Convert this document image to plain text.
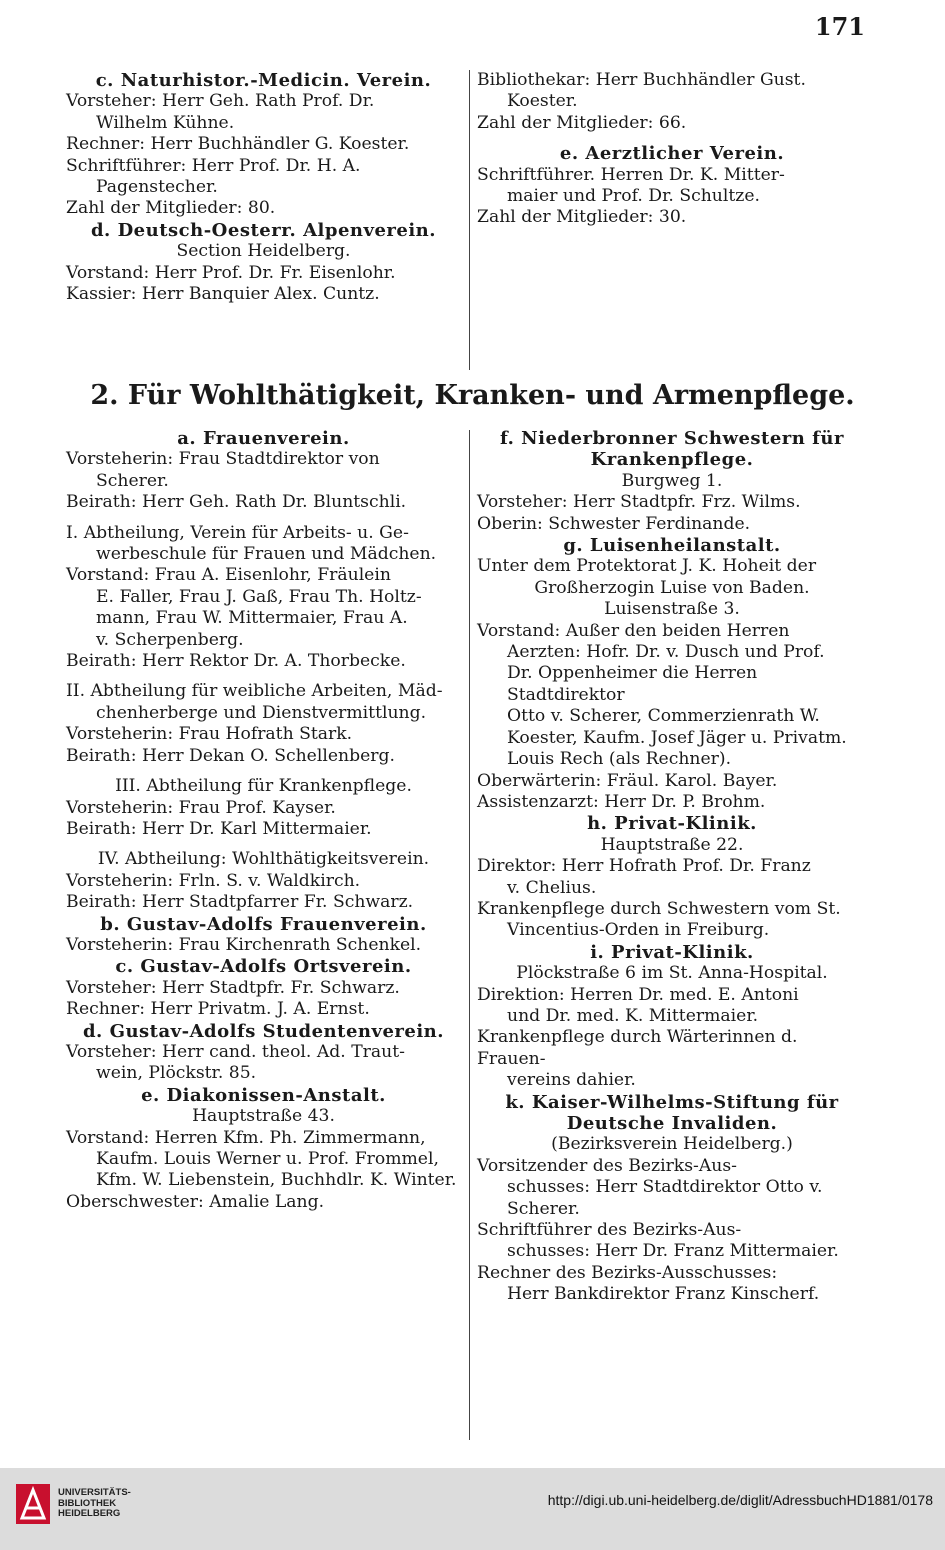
171

c. Naturhistor.-Medicin. Verein.

Vorsteher: Herr Geh. Rath Prof. Dr.

Wilhelm Kühne.

Rechner: Herr Buchhändler G. Koester.

Schriftführer: Herr Prof. Dr. H. A.

Pagenstecher.

Zahl der Mitglieder: 80.

d. Deutsch-Oesterr. Alpenverein.

Section Heidelberg.

Vorstand: Herr Prof. Dr. Fr. Eisenlohr.

Kassier: Herr Banquier Alex. Cuntz.

Bibliothekar: Herr Buchhändler Gust.

Koester.

Zahl der Mitglieder: 66.

e. Aerztlicher Verein.

Schriftführer. Herren Dr. K. Mitter-

maier und Prof. Dr. Schultze.

Zahl der Mitglieder: 30.

2. Für Wohlthätigkeit, Kranken- und Armenpflege.

a. Frauenverein.

Vorsteherin: Frau Stadtdirektor von

Scherer.

Beirath: Herr Geh. Rath Dr. Bluntschli.

I. Abtheilung, Verein für Arbeits- u. Ge-

werbeschule für Frauen und Mädchen.

Vorstand: Frau A. Eisenlohr, Fräulein

E. Faller, Frau J. Gaß, Frau Th. Holtz-

mann, Frau W. Mittermaier, Frau A.

v. Scherpenberg.

Beirath: Herr Rektor Dr. A. Thorbecke.

II. Abtheilung für weibliche Arbeiten, Mäd-

chenherberge und Dienstvermittlung.

Vorsteherin: Frau Hofrath Stark.

Beirath: Herr Dekan O. Schellenberg.

III. Abtheilung für Krankenpflege.

Vorsteherin: Frau Prof. Kayser.

Beirath: Herr Dr. Karl Mittermaier.

IV. Abtheilung: Wohlthätigkeitsverein.

Vorsteherin: Frln. S. v. Waldkirch.

Beirath: Herr Stadtpfarrer Fr. Schwarz.

b. Gustav-Adolfs Frauenverein.

Vorsteherin: Frau Kirchenrath Schenkel.

c. Gustav-Adolfs Ortsverein.

Vorsteher: Herr Stadtpfr. Fr. Schwarz.

Rechner: Herr Privatm. J. A. Ernst.

d. Gustav-Adolfs Studentenverein.

Vorsteher: Herr cand. theol. Ad. Traut-

wein, Plöckstr. 85.

e. Diakonissen-Anstalt.

Hauptstraße 43.

Vorstand: Herren Kfm. Ph. Zimmermann,

Kaufm. Louis Werner u. Prof. Frommel,

Kfm. W. Liebenstein, Buchhdlr. K. Winter.

Oberschwester: Amalie Lang.

f. Niederbronner Schwestern für

Krankenpflege.

Burgweg 1.

Vorsteher: Herr Stadtpfr. Frz. Wilms.

Oberin: Schwester Ferdinande.

g. Luisenheilanstalt.

Unter dem Protektorat J. K. Hoheit der

Großherzogin Luise von Baden.

Luisenstraße 3.

Vorstand: Außer den beiden Herren

Aerzten: Hofr. Dr. v. Dusch und Prof.

Dr. Oppenheimer die Herren Stadtdirektor

Otto v. Scherer, Commerzienrath W.

Koester, Kaufm. Josef Jäger u. Privatm.

Louis Rech (als Rechner).

Oberwärterin: Fräul. Karol. Bayer.

Assistenzarzt: Herr Dr. P. Brohm.

h. Privat-Klinik.

Hauptstraße 22.

Direktor: Herr Hofrath Prof. Dr. Franz

v. Chelius.

Krankenpflege durch Schwestern vom St.

Vincentius-Orden in Freiburg.

i. Privat-Klinik.

Plöckstraße 6 im St. Anna-Hospital.

Direktion: Herren Dr. med. E. Antoni

und Dr. med. K. Mittermaier.

Krankenpflege durch Wärterinnen d. Frauen-

vereins dahier.

k. Kaiser-Wilhelms-Stiftung für

Deutsche Invaliden.

(Bezirksverein Heidelberg.)

Vorsitzender des Bezirks-Aus-

schusses: Herr Stadtdirektor Otto v.

Scherer.

Schriftführer des Bezirks-Aus-

schusses: Herr Dr. Franz Mittermaier.

Rechner des Bezirks-Ausschusses:

Herr Bankdirektor Franz Kinscherf.

UNIVERSITÄTS-
BIBLIOTHEK
HEIDELBERG
http://digi.ub.uni-heidelberg.de/diglit/AdressbuchHD1881/0178
